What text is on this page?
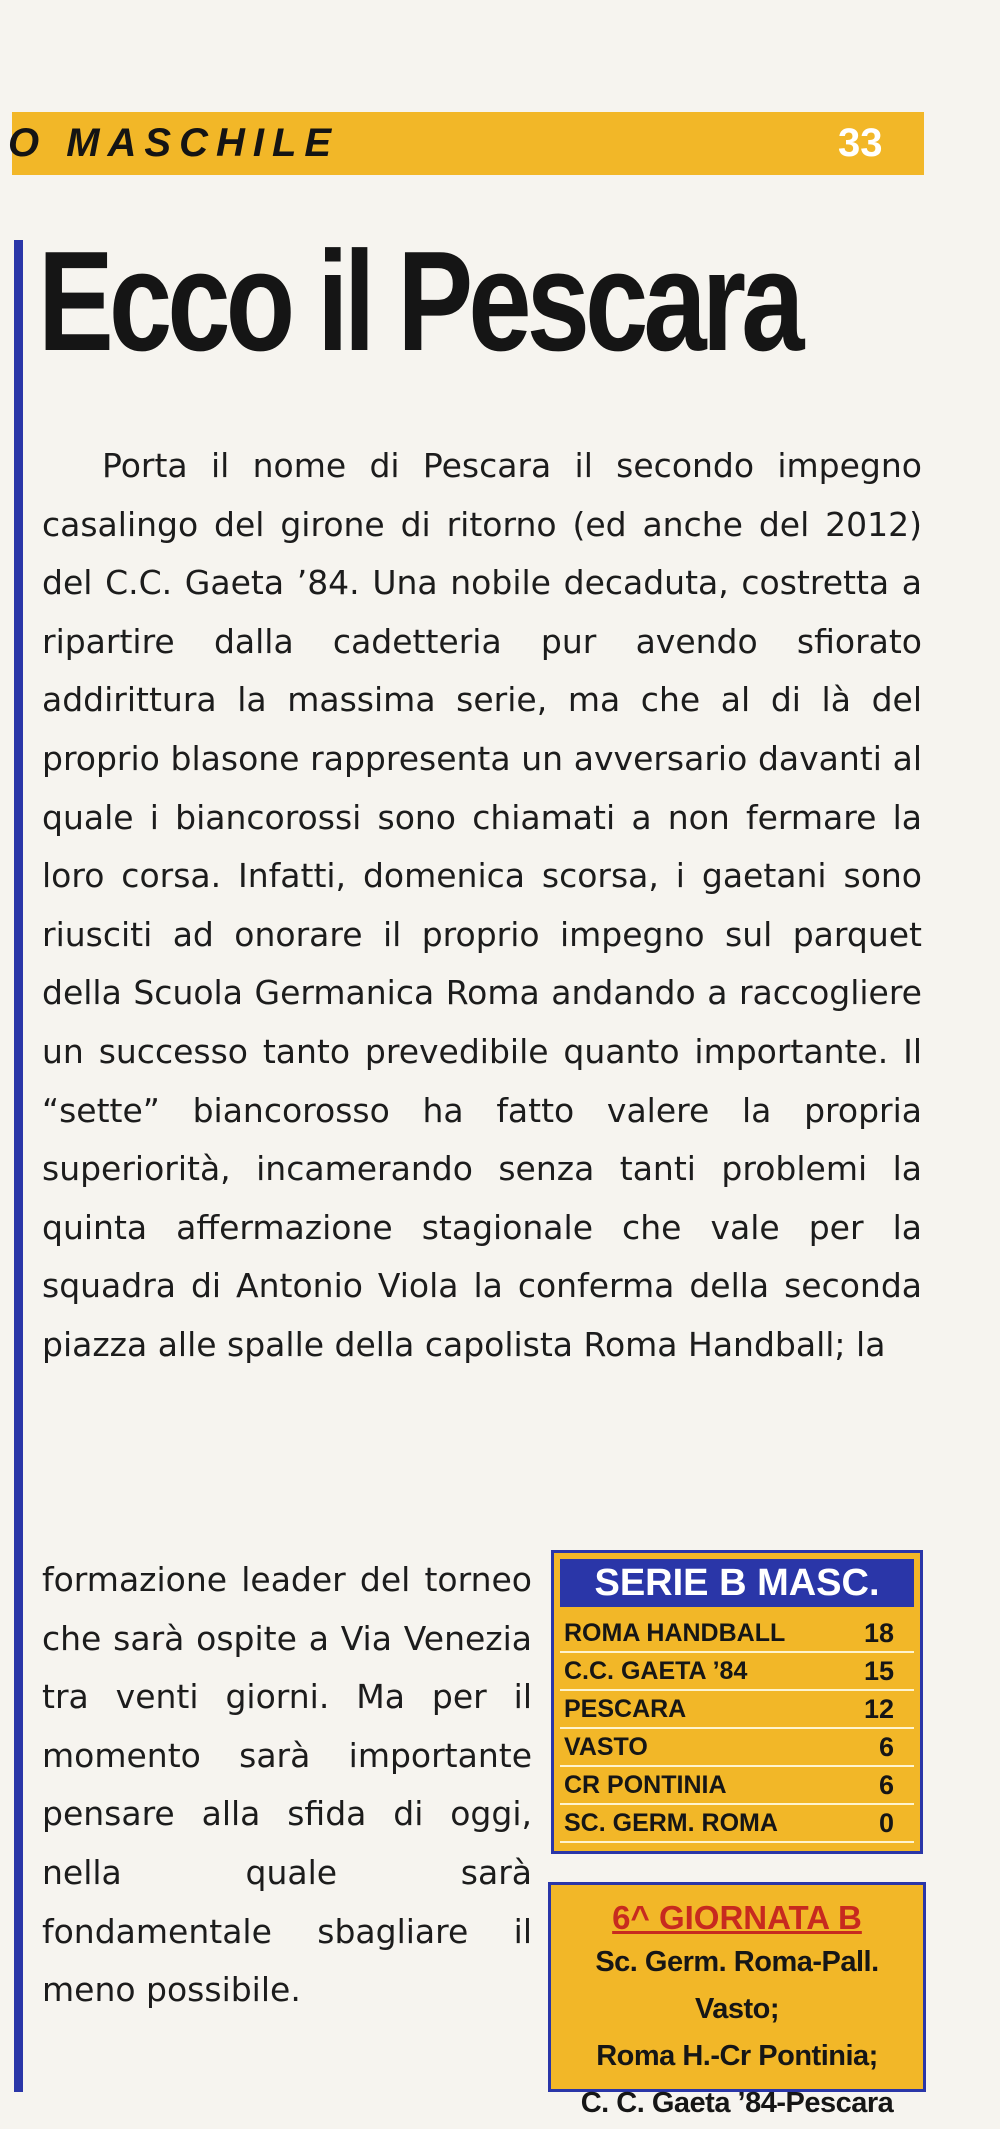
O MASCHILE	33
Ecco il Pescara

Porta il nome di Pescara il secondo impegno casalingo del girone di ritorno (ed anche del 2012) del C.C. Gaeta ’84. Una nobile decaduta, costretta a ripartire dalla cadetteria pur avendo sfiorato addirittura la massima serie, ma che al di là del proprio blasone rappresenta un avversario davanti al quale i biancorossi sono chiamati a non fermare la loro corsa. Infatti, domenica scorsa, i gaetani sono riusciti ad onorare il proprio impegno sul parquet della Scuola Germanica Roma andando a raccogliere un successo tanto prevedibile quanto importante. Il “sette” biancorosso ha fatto valere la propria superiorità, incamerando senza tanti problemi la quinta affermazione stagionale che vale per la squadra di Antonio Viola la conferma della seconda piazza alle spalle della capolista Roma Handball; la

formazione leader del torneo che sarà ospite a Via Venezia tra venti giorni. Ma per il momento sarà importante pensare alla sfida di oggi, nella quale sarà fondamentale sbagliare il meno possibile.

SERIE B MASC.
ROMA HANDBALL	18
C.C. GAETA ’84	15
PESCARA	12
VASTO	6
CR PONTINIA	6
SC. GERM. ROMA	0
6^ GIORNATA B
Sc. Germ. Roma-Pall. Vasto;
Roma H.-Cr Pontinia;
C. C. Gaeta ’84-Pescara
